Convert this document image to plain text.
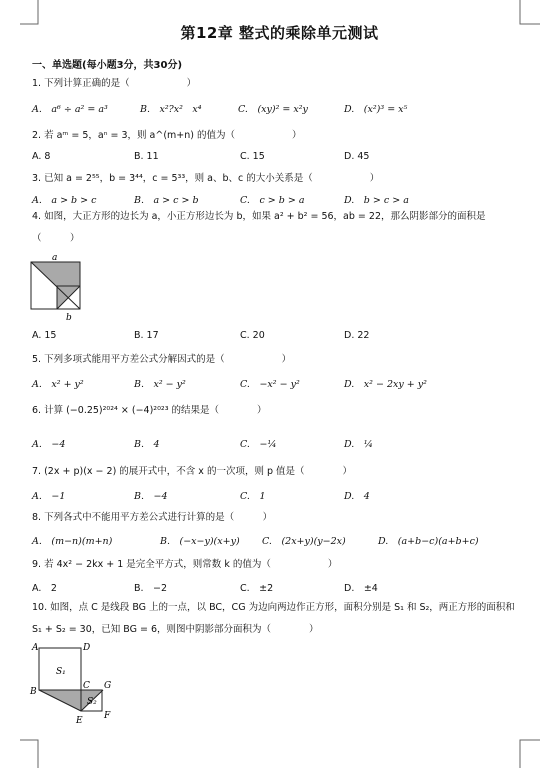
第12章 整式的乘除单元测试
一、单选题(每小题3分，共30分)
1. 下列计算正确的是（　　　　　　）
A.　a⁶ ÷ a² = a³	B.　x²?x²　x⁴	C.　(xy)² = x²y	D.　(x²)³ = x⁵
2. 若 aᵐ = 5，aⁿ = 3，则 a^(m+n) 的值为（　　　　　　）
A. 8	B. 11	C. 15	D. 45
3. 已知 a = 2⁵⁵，b = 3⁴⁴，c = 5³³，则 a、b、c 的大小关系是（　　　　　　）
A.　a > b > c	B.　a > c > b	C.　c > b > a	D.　b > c > a
4. 如图，大正方形的边长为 a，小正方形边长为 b，如果 a² + b² = 56，ab = 22，那么阴影部分的面积是（　　　）
a
b
A. 15	B. 17	C. 20	D. 22
5. 下列多项式能用平方差公式分解因式的是（　　　　　　）
A.　x² + y²	B.　x² − y²	C.　−x² − y²	D.　x² − 2xy + y²
6. 计算 (−0.25)²⁰²⁴ × (−4)²⁰²³ 的结果是（　　　　）
A.　−4	B.　4	C.　−¼	D.　¼
7. (2x + p)(x − 2) 的展开式中，不含 x 的一次项，则 p 值是（　　　　）
A.　−1	B.　−4	C.　1	D.　4
8. 下列各式中不能用平方差公式进行计算的是（　　　）
A.　(m−n)(m+n)	B.　(−x−y)(x+y) C.　(2x+y)(y−2x)	D.　(a+b−c)(a+b+c)
9. 若 4x² − 2kx + 1 是完全平方式，则常数 k 的值为（　　　　　　）
A.　2	B.　−2	C.　±2	D.　±4
10. 如图，点 C 是线段 BG 上的一点，以 BC，CG 为边向两边作正方形，面积分别是 S₁ 和 S₂，两正方形的面积和 S₁ + S₂ = 30，已知 BG = 6，则图中阴影部分面积为（　　　　）
A	D
S₁
B
C G
S₂
E F
